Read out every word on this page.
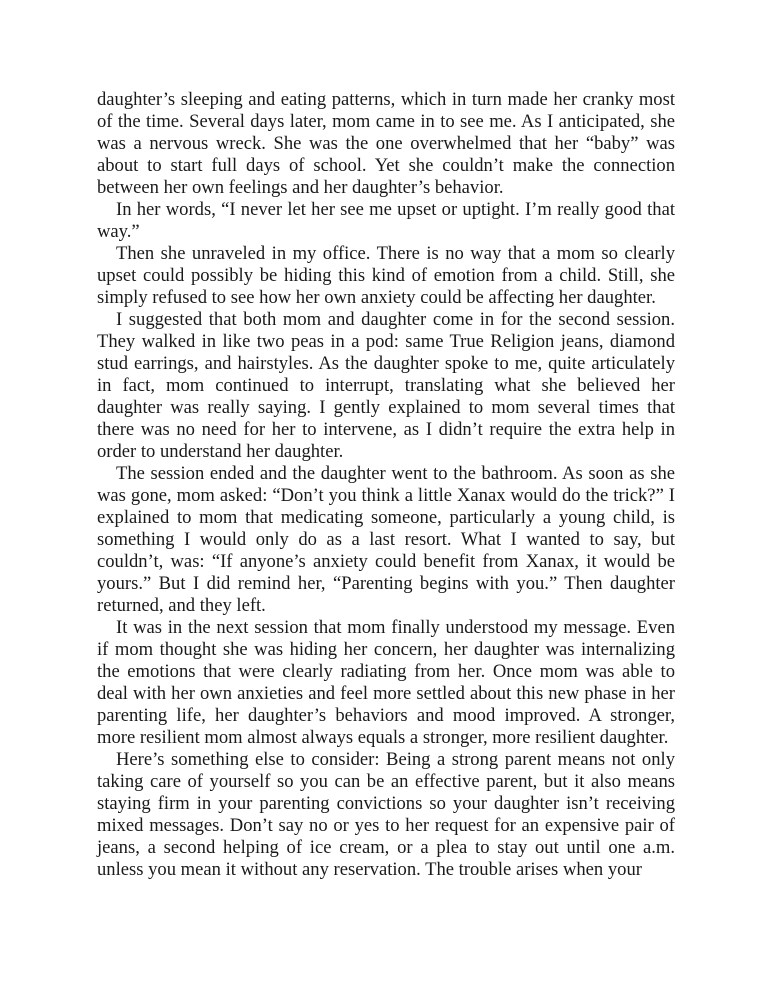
daughter’s sleeping and eating patterns, which in turn made her cranky most of the time. Several days later, mom came in to see me. As I anticipated, she was a nervous wreck. She was the one overwhelmed that her “baby” was about to start full days of school. Yet she couldn’t make the connection between her own feelings and her daughter’s behavior.

In her words, “I never let her see me upset or uptight. I’m really good that way.”

Then she unraveled in my office. There is no way that a mom so clearly upset could possibly be hiding this kind of emotion from a child. Still, she simply refused to see how her own anxiety could be affecting her daughter.

I suggested that both mom and daughter come in for the second session. They walked in like two peas in a pod: same True Religion jeans, diamond stud earrings, and hairstyles. As the daughter spoke to me, quite articulately in fact, mom continued to interrupt, translating what she believed her daughter was really saying. I gently explained to mom several times that there was no need for her to intervene, as I didn’t require the extra help in order to understand her daughter.

The session ended and the daughter went to the bathroom. As soon as she was gone, mom asked: “Don’t you think a little Xanax would do the trick?” I explained to mom that medicating someone, particularly a young child, is something I would only do as a last resort. What I wanted to say, but couldn’t, was: “If anyone’s anxiety could benefit from Xanax, it would be yours.” But I did remind her, “Parenting begins with you.” Then daughter returned, and they left.

It was in the next session that mom finally understood my message. Even if mom thought she was hiding her concern, her daughter was internalizing the emotions that were clearly radiating from her. Once mom was able to deal with her own anxieties and feel more settled about this new phase in her parenting life, her daughter’s behaviors and mood improved. A stronger, more resilient mom almost always equals a stronger, more resilient daughter.

Here’s something else to consider: Being a strong parent means not only taking care of yourself so you can be an effective parent, but it also means staying firm in your parenting convictions so your daughter isn’t receiving mixed messages. Don’t say no or yes to her request for an expensive pair of jeans, a second helping of ice cream, or a plea to stay out until one a.m. unless you mean it without any reservation. The trouble arises when your
